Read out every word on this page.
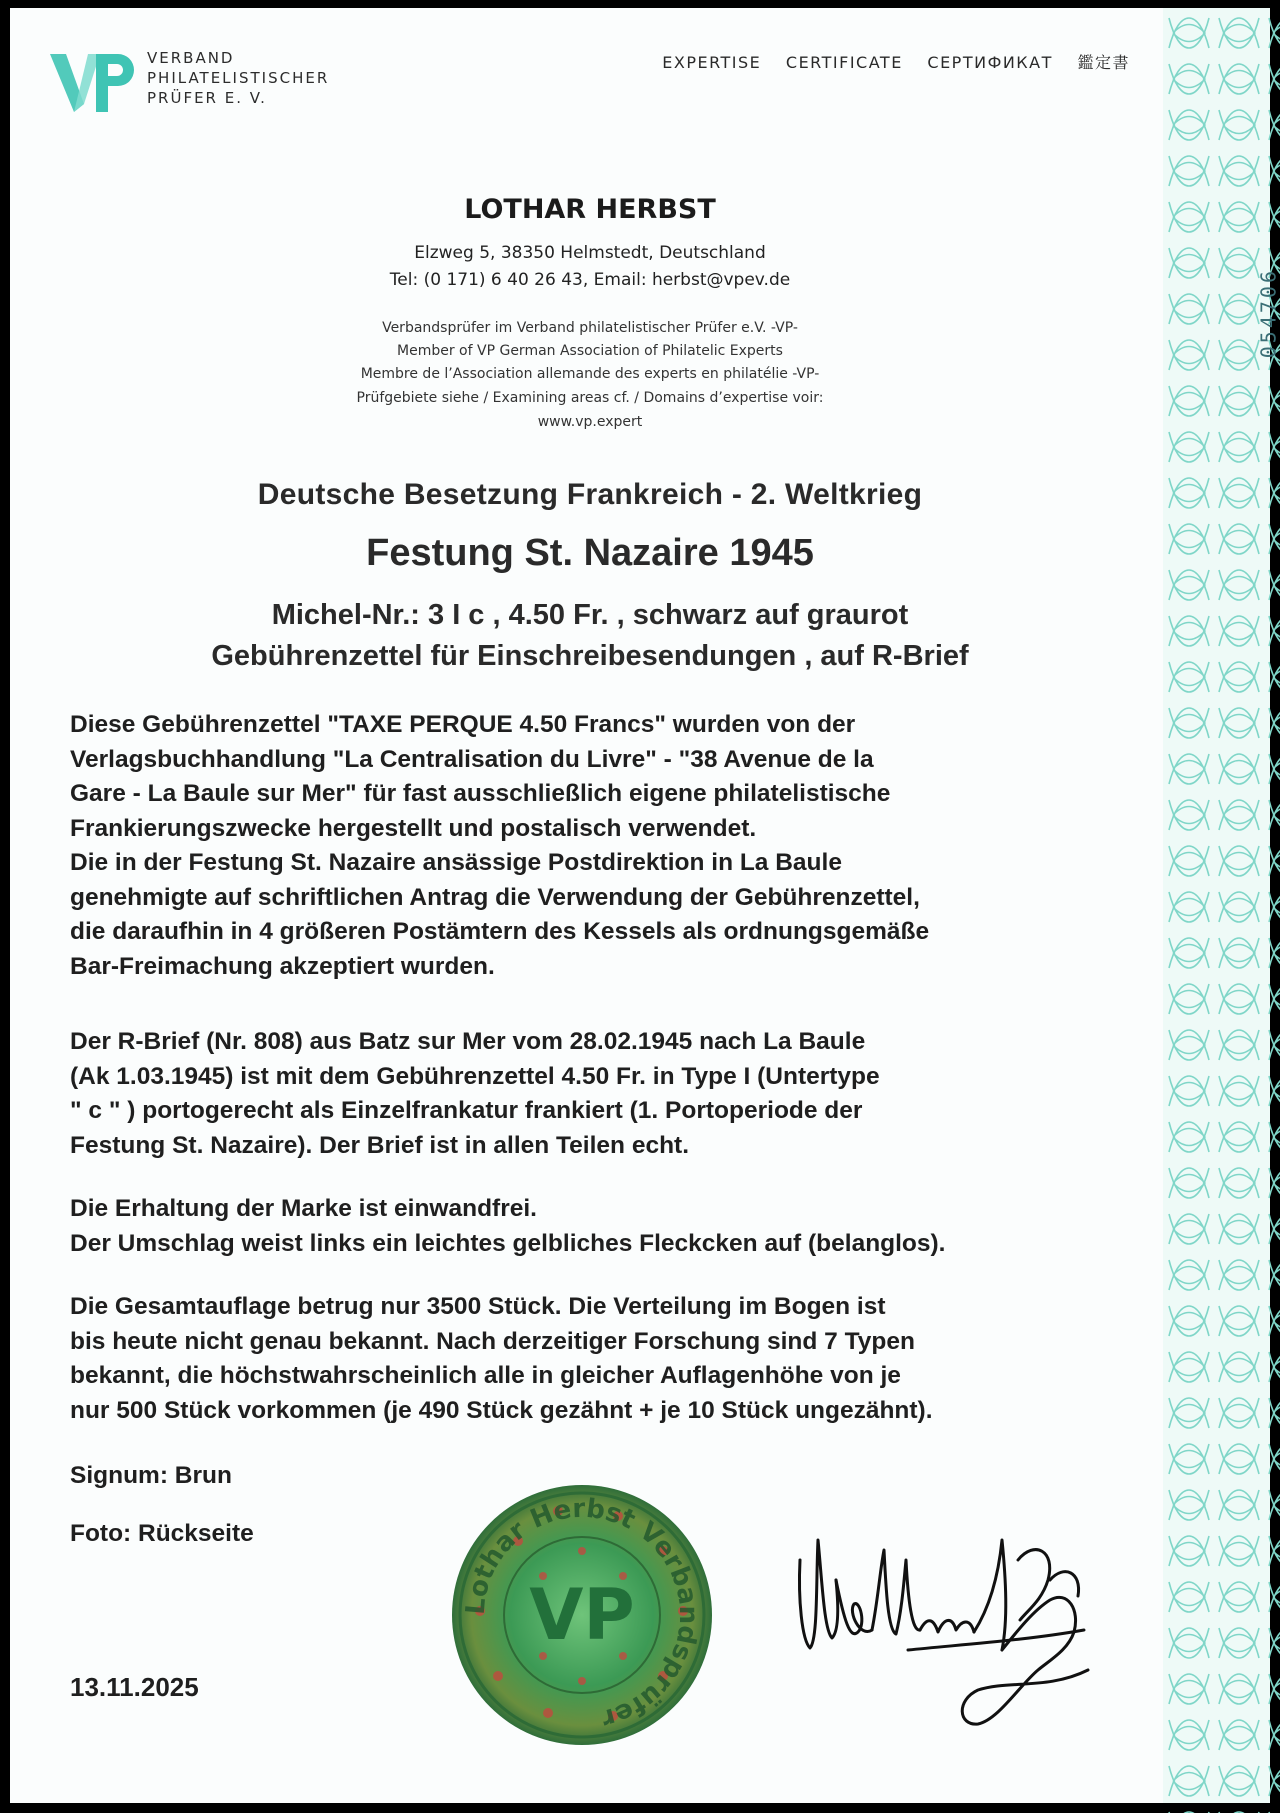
VERBAND
PHILATELISTISCHER
PRÜFER E. V.
EXPERTISE CERTIFICATE СЕРТИФИКАТ 鑑定書
LOTHAR HERBST
Elzweg 5, 38350 Helmstedt, Deutschland
Tel: (0 171) 6 40 26 43, Email: herbst@vpev.de
Verbandsprüfer im Verband philatelistischer Prüfer e.V. -VP-
Member of VP German Association of Philatelic Experts
Membre de l’Association allemande des experts en philatélie -VP-
Prüfgebiete siehe / Examining areas cf. / Domains d’expertise voir:
www.vp.expert
Deutsche Besetzung Frankreich - 2. Weltkrieg
Festung St. Nazaire 1945
Michel-Nr.: 3 I c , 4.50 Fr. , schwarz auf graurot
Gebührenzettel für Einschreibesendungen , auf R-Brief

Diese Gebührenzettel "TAXE PERQUE 4.50 Francs" wurden von der

Verlagsbuchhandlung "La Centralisation du Livre" - "38 Avenue de la

Gare - La Baule sur Mer" für fast ausschließlich eigene philatelistische

Frankierungszwecke hergestellt und postalisch verwendet.

Die in der Festung St. Nazaire ansässige Postdirektion in La Baule

genehmigte auf schriftlichen Antrag die Verwendung der Gebührenzettel,

die daraufhin in 4 größeren Postämtern des Kessels als ordnungsgemäße

Bar-Freimachung akzeptiert wurden.

Der R-Brief (Nr. 808) aus Batz sur Mer vom 28.02.1945 nach La Baule

(Ak 1.03.1945) ist mit dem Gebührenzettel 4.50 Fr. in Type I (Untertype

" c " ) portogerecht als Einzelfrankatur frankiert (1. Portoperiode der

Festung St. Nazaire). Der Brief ist in allen Teilen echt.

Die Erhaltung der Marke ist einwandfrei.

Der Umschlag weist links ein leichtes gelbliches Fleckcken auf (belanglos).

Die Gesamtauflage betrug nur 3500 Stück. Die Verteilung im Bogen ist

bis heute nicht genau bekannt. Nach derzeitiger Forschung sind 7 Typen

bekannt, die höchstwahrscheinlich alle in gleicher Auflagenhöhe von je

nur 500 Stück vorkommen (je 490 Stück gezähnt + je 10 Stück ungezähnt).

Signum: Brun
Foto: Rückseite
13.11.2025
Lothar Herbst Verbandsprüfer
VP
054706
